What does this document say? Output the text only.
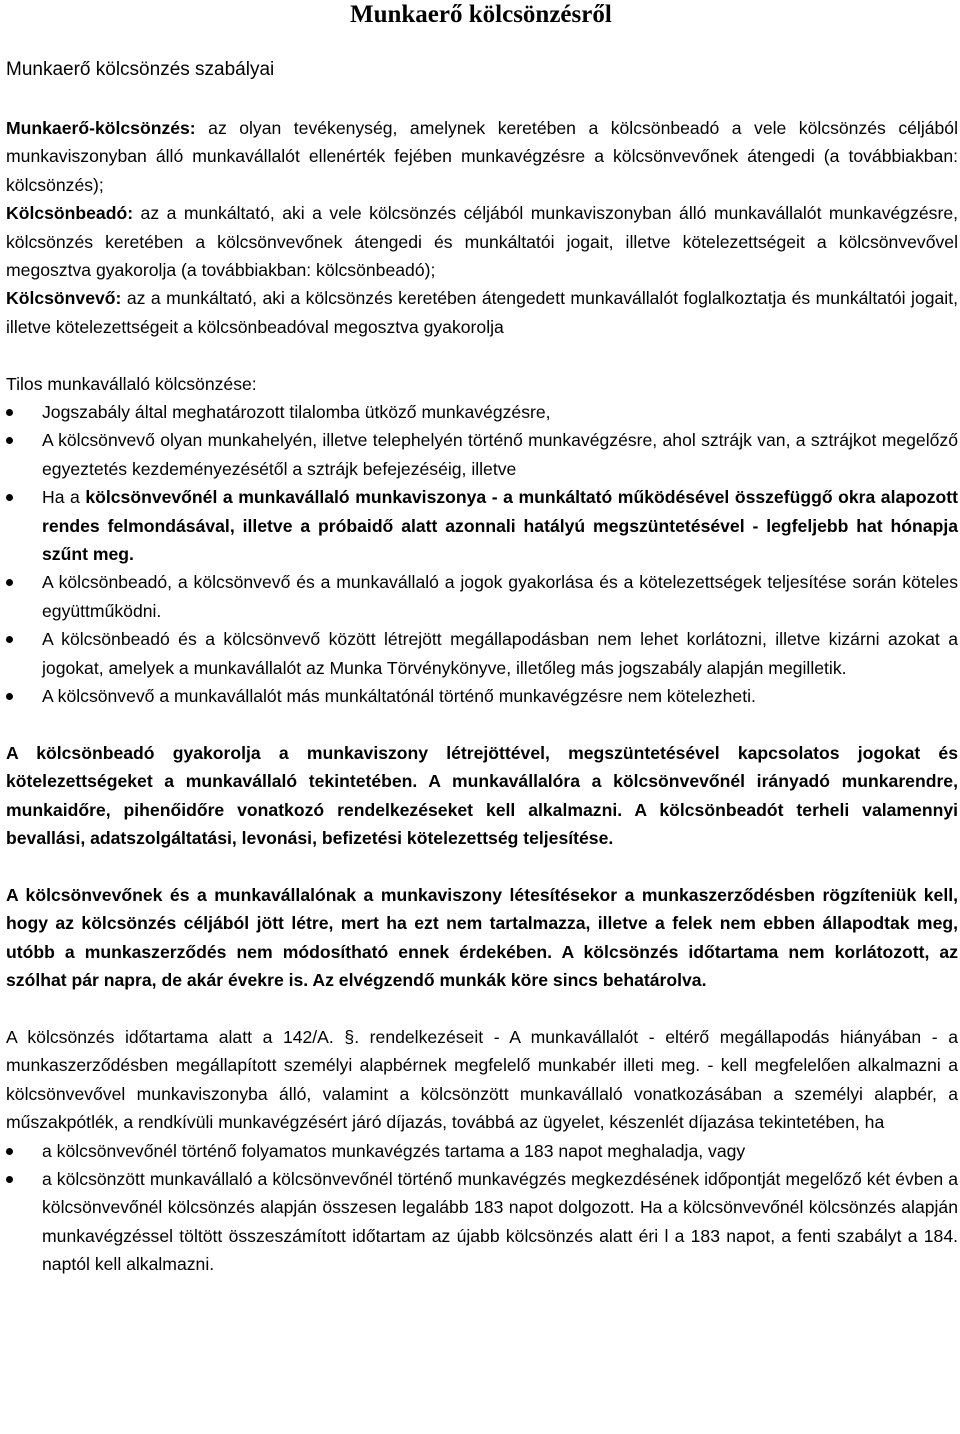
Munkaerő kölcsönzésről
Munkaerő kölcsönzés szabályai

Munkaerő-kölcsönzés: az olyan tevékenység, amelynek keretében a kölcsönbeadó a vele kölcsönzés céljából munkaviszonyban álló munkavállalót ellenérték fejében munkavégzésre a kölcsönvevőnek átengedi (a továbbiakban: kölcsönzés);

Kölcsönbeadó: az a munkáltató, aki a vele kölcsönzés céljából munkaviszonyban álló munkavállalót munkavégzésre, kölcsönzés keretében a kölcsönvevőnek átengedi és munkáltatói jogait, illetve kötelezettségeit a kölcsönvevővel megosztva gyakorolja (a továbbiakban: kölcsönbeadó);

Kölcsönvevő: az a munkáltató, aki a kölcsönzés keretében átengedett munkavállalót foglalkoztatja és munkáltatói jogait, illetve kötelezettségeit a kölcsönbeadóval megosztva gyakorolja

Tilos munkavállaló kölcsönzése:

Jogszabály által meghatározott tilalomba ütköző munkavégzésre,
A kölcsönvevő olyan munkahelyén, illetve telephelyén történő munkavégzésre, ahol sztrájk van, a sztrájkot megelőző egyeztetés kezdeményezésétől a sztrájk befejezéséig, illetve
Ha a kölcsönvevőnél a munkavállaló munkaviszonya - a munkáltató működésével összefüggő okra alapozott rendes felmondásával, illetve a próbaidő alatt azonnali hatályú megszüntetésével - legfeljebb hat hónapja szűnt meg.
A kölcsönbeadó, a kölcsönvevő és a munkavállaló a jogok gyakorlása és a kötelezettségek teljesítése során köteles együttműködni.
A kölcsönbeadó és a kölcsönvevő között létrejött megállapodásban nem lehet korlátozni, illetve kizárni azokat a jogokat, amelyek a munkavállalót az Munka Törvénykönyve, illetőleg más jogszabály alapján megilletik.
A kölcsönvevő a munkavállalót más munkáltatónál történő munkavégzésre nem kötelezheti.

A kölcsönbeadó gyakorolja a munkaviszony létrejöttével, megszüntetésével kapcsolatos jogokat és kötelezettségeket a munkavállaló tekintetében. A munkavállalóra a kölcsönvevőnél irányadó munkarendre, munkaidőre, pihenőidőre vonatkozó rendelkezéseket kell alkalmazni. A kölcsönbeadót terheli valamennyi bevallási, adatszolgáltatási, levonási, befizetési kötelezettség teljesítése.

A kölcsönvevőnek és a munkavállalónak a munkaviszony létesítésekor a munkaszerződésben rögzíteniük kell, hogy az kölcsönzés céljából jött létre, mert ha ezt nem tartalmazza, illetve a felek nem ebben állapodtak meg, utóbb a munkaszerződés nem módosítható ennek érdekében. A kölcsönzés időtartama nem korlátozott, az szólhat pár napra, de akár évekre is. Az elvégzendő munkák köre sincs behatárolva.

A kölcsönzés időtartama alatt a 142/A. §. rendelkezéseit - A munkavállalót - eltérő megállapodás hiányában - a munkaszerződésben megállapított személyi alapbérnek megfelelő munkabér illeti meg. - kell megfelelően alkalmazni a kölcsönvevővel munkaviszonyba álló, valamint a kölcsönzött munkavállaló vonatkozásában a személyi alapbér, a műszakpótlék, a rendkívüli munkavégzésért járó díjazás, továbbá az ügyelet, készenlét díjazása tekintetében, ha

a kölcsönvevőnél történő folyamatos munkavégzés tartama a 183 napot meghaladja, vagy
a kölcsönzött munkavállaló a kölcsönvevőnél történő munkavégzés megkezdésének időpontját megelőző két évben a kölcsönvevőnél kölcsönzés alapján összesen legalább 183 napot dolgozott. Ha a kölcsönvevőnél kölcsönzés alapján munkavégzéssel töltött összeszámított időtartam az újabb kölcsönzés alatt éri l a 183 napot, a fenti szabályt a 184. naptól kell alkalmazni.
